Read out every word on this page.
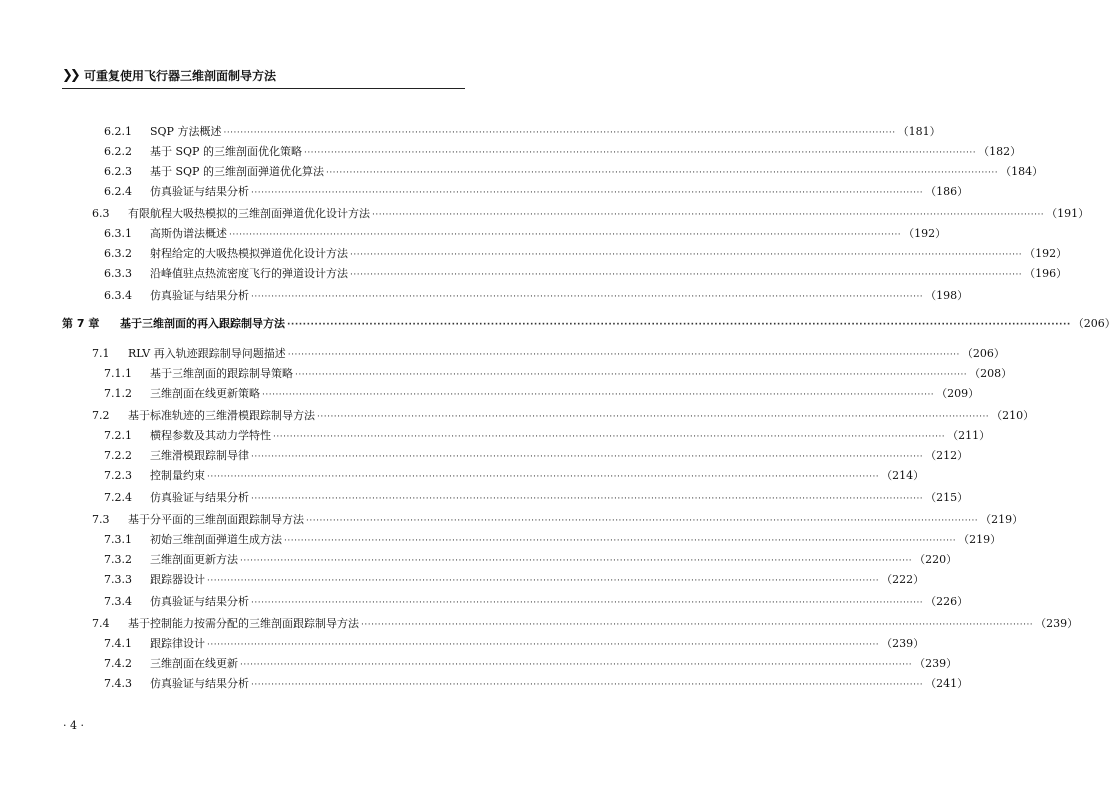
❯❯ 可重复使用飞行器三维剖面制导方法
6.2.1	SQP 方法概述 ········································································································································································································ （181）
6.2.2	基于 SQP 的三维剖面优化策略 ········································································································································································································ （182）
6.2.3	基于 SQP 的三维剖面弹道优化算法 ········································································································································································································ （184）
6.2.4	仿真验证与结果分析 ········································································································································································································ （186）
6.3	有限航程大吸热模拟的三维剖面弹道优化设计方法 ········································································································································································································ （191）
6.3.1	高斯伪谱法概述 ········································································································································································································ （192）
6.3.2	射程给定的大吸热模拟弹道优化设计方法 ········································································································································································································ （192）
6.3.3	沿峰值驻点热流密度飞行的弹道设计方法 ········································································································································································································ （196）
6.3.4	仿真验证与结果分析 ········································································································································································································ （198）
第 7 章	基于三维剖面的再入跟踪制导方法 ········································································································································································································ （206）
7.1	RLV 再入轨迹跟踪制导问题描述 ········································································································································································································ （206）
7.1.1	基于三维剖面的跟踪制导策略 ········································································································································································································ （208）
7.1.2	三维剖面在线更新策略 ········································································································································································································ （209）
7.2	基于标准轨迹的三维滑模跟踪制导方法 ········································································································································································································ （210）
7.2.1	横程参数及其动力学特性 ········································································································································································································ （211）
7.2.2	三维滑模跟踪制导律 ········································································································································································································ （212）
7.2.3	控制量约束 ········································································································································································································ （214）
7.2.4	仿真验证与结果分析 ········································································································································································································ （215）
7.3	基于分平面的三维剖面跟踪制导方法 ········································································································································································································ （219）
7.3.1	初始三维剖面弹道生成方法 ········································································································································································································ （219）
7.3.2	三维剖面更新方法 ········································································································································································································ （220）
7.3.3	跟踪器设计 ········································································································································································································ （222）
7.3.4	仿真验证与结果分析 ········································································································································································································ （226）
7.4	基于控制能力按需分配的三维剖面跟踪制导方法 ········································································································································································································ （239）
7.4.1	跟踪律设计 ········································································································································································································ （239）
7.4.2	三维剖面在线更新 ········································································································································································································ （239）
7.4.3	仿真验证与结果分析 ········································································································································································································ （241）
· 4 ·
